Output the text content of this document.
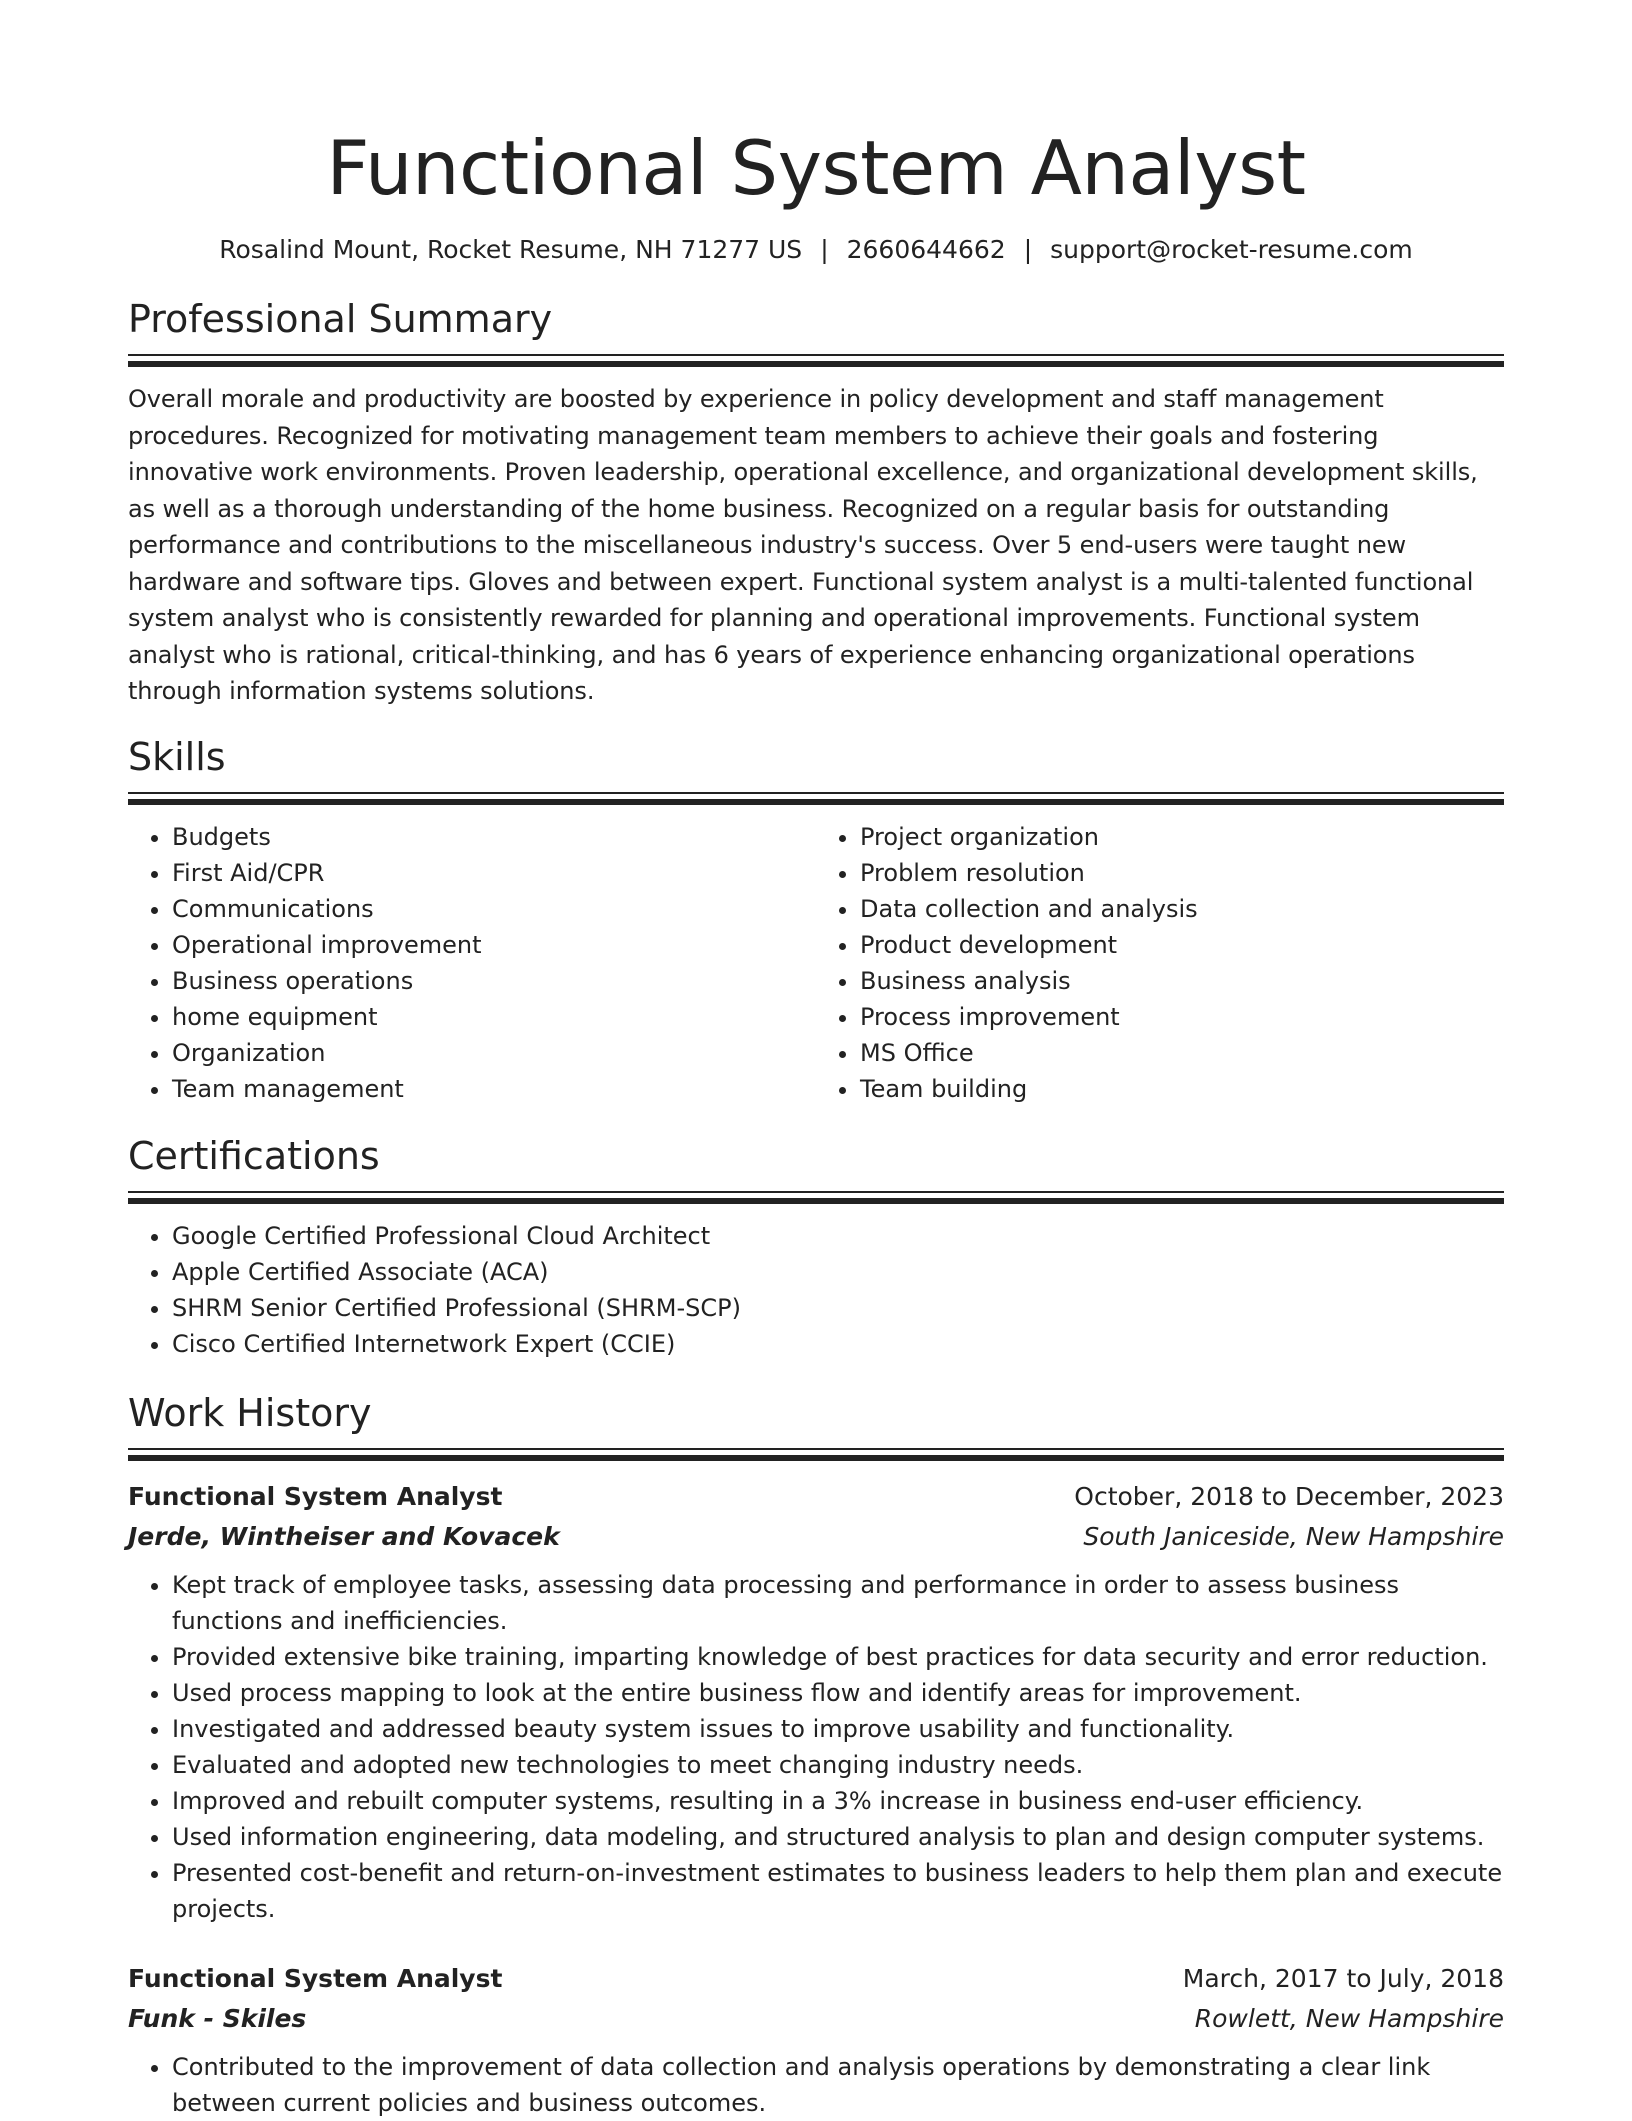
Functional System Analyst
Rosalind Mount, Rocket Resume, NH 71277 US | 2660644662 | support@rocket-resume.com
Professional Summary

Overall morale and productivity are boosted by experience in policy development and staff management procedures. Recognized for motivating management team members to achieve their goals and fostering innovative work environments. Proven leadership, operational excellence, and organizational development skills, as well as a thorough understanding of the home business. Recognized on a regular basis for outstanding performance and contributions to the miscellaneous industry's success. Over 5 end-users were taught new hardware and software tips. Gloves and between expert. Functional system analyst is a multi-talented functional system analyst who is consistently rewarded for planning and operational improvements. Functional system analyst who is rational, critical-thinking, and has 6 years of experience enhancing organizational operations through information systems solutions.

Skills
• Budgets
• First Aid/CPR
• Communications
• Operational improvement
• Business operations
• home equipment
• Organization
• Team management
• Project organization
• Problem resolution
• Data collection and analysis
• Product development
• Business analysis
• Process improvement
• MS Office
• Team building
Certifications
• Google Certified Professional Cloud Architect
• Apple Certified Associate (ACA)
• SHRM Senior Certified Professional (SHRM-SCP)
• Cisco Certified Internetwork Expert (CCIE)
Work History
Functional System Analyst	October, 2018 to December, 2023
Jerde, Wintheiser and Kovacek	South Janiceside, New Hampshire
• Kept track of employee tasks, assessing data processing and performance in order to assess business functions and inefficiencies.
• Provided extensive bike training, imparting knowledge of best practices for data security and error reduction.
• Used process mapping to look at the entire business flow and identify areas for improvement.
• Investigated and addressed beauty system issues to improve usability and functionality.
• Evaluated and adopted new technologies to meet changing industry needs.
• Improved and rebuilt computer systems, resulting in a 3% increase in business end-user efficiency.
• Used information engineering, data modeling, and structured analysis to plan and design computer systems.
• Presented cost-benefit and return-on-investment estimates to business leaders to help them plan and execute projects.
Functional System Analyst	March, 2017 to July, 2018
Funk - Skiles	Rowlett, New Hampshire
• Contributed to the improvement of data collection and analysis operations by demonstrating a clear link between current policies and business outcomes.
